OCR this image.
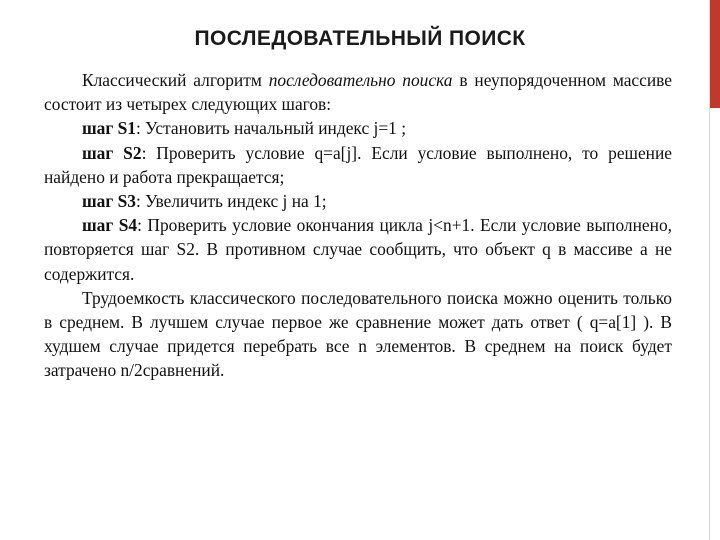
ПОСЛЕДОВАТЕЛЬНЫЙ ПОИСК

Классический алгоритм последовательно поиска в неупорядоченном массиве состоит из четырех следующих шагов:

шаг S1: Установить начальный индекс j=1 ;

шаг S2: Проверить условие q=a[j]. Если условие выполнено, то решение найдено и работа прекращается;

шаг S3: Увеличить индекс j на 1;

шаг S4: Проверить условие окончания цикла j<n+1. Если условие выполнено, повторяется шаг S2. В противном случае сообщить, что объект q в массиве a не содержится.

Трудоемкость классического последовательного поиска можно оценить только в среднем. В лучшем случае первое же сравнение может дать ответ ( q=a[1] ). В худшем случае придется перебрать все n элементов. В среднем на поиск будет затрачено n/2сравнений.
